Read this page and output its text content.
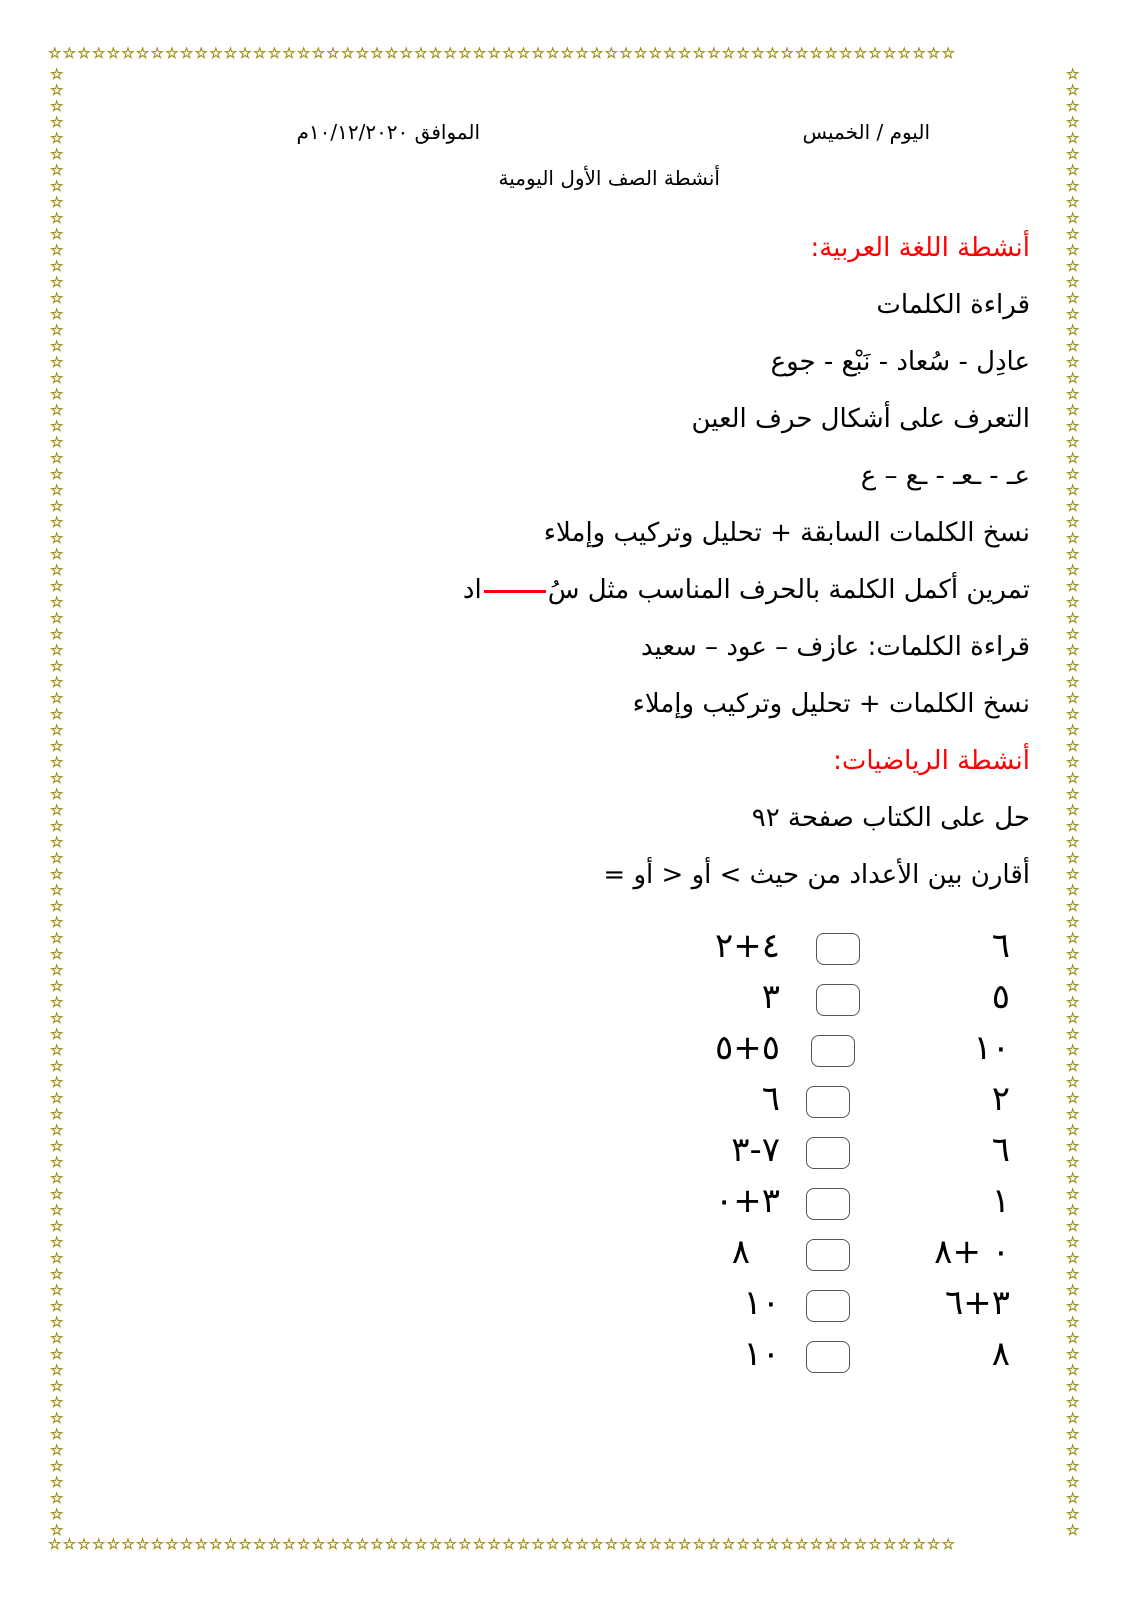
☆☆☆☆☆☆☆☆☆☆☆☆☆☆☆☆☆☆☆☆☆☆☆☆☆☆☆☆☆☆☆☆☆☆☆☆☆☆☆☆☆☆☆☆☆☆☆☆☆☆☆☆☆☆☆☆☆☆☆☆☆☆
☆☆☆☆☆☆☆☆☆☆☆☆☆☆☆☆☆☆☆☆☆☆☆☆☆☆☆☆☆☆☆☆☆☆☆☆☆☆☆☆☆☆☆☆☆☆☆☆☆☆☆☆☆☆☆☆☆☆☆☆☆☆
☆
☆
☆
☆
☆
☆
☆
☆
☆
☆
☆
☆
☆
☆
☆
☆
☆
☆
☆
☆
☆
☆
☆
☆
☆
☆
☆
☆
☆
☆
☆
☆
☆
☆
☆
☆
☆
☆
☆
☆
☆
☆
☆
☆
☆
☆
☆
☆
☆
☆
☆
☆
☆
☆
☆
☆
☆
☆
☆
☆
☆
☆
☆
☆
☆
☆
☆
☆
☆
☆
☆
☆
☆
☆
☆
☆
☆
☆
☆
☆
☆
☆
☆
☆
☆
☆
☆
☆
☆
☆
☆
☆
☆
☆
☆
☆
☆
☆
☆
☆
☆
☆
☆
☆
☆
☆
☆
☆
☆
☆
☆
☆
☆
☆
☆
☆
☆
☆
☆
☆
☆
☆
☆
☆
☆
☆
☆
☆
☆
☆
☆
☆
☆
☆
☆
☆
☆
☆
☆
☆
☆
☆
☆
☆
☆
☆
☆
☆
☆
☆
☆
☆
☆
☆
☆
☆
☆
☆
☆
☆
☆
☆
☆
☆
☆
☆
☆
☆
☆
☆
☆
☆
☆
☆
☆
☆
☆
☆
☆
☆
☆
☆
☆
☆
اليوم / الخميس
الموافق ١٠/١٢/٢٠٢٠م
أنشطة الصف الأول اليومية
أنشطة اللغة العربية:
قراءة الكلمات
عادِل - سُعاد - نَبْع - جوع
التعرف على أشكال حرف العين
عـ - ـعـ - ـع – ع
نسخ الكلمات السابقة + تحليل وتركيب وإملاء
تمرين أكمل الكلمة بالحرف المناسب مثل سُاد
قراءة الكلمات: عازف – عود – سعيد
نسخ الكلمات + تحليل وتركيب وإملاء
أنشطة الرياضيات:
حل على الكتاب صفحة ٩٢
أقارن بين الأعداد من حيث > أو < أو =
٦
٤+٢
٥
٣
١٠
٥+٥
٢
٦
٦
٧-٣
١
٣+٠
٠ +٨
٨
٣+٦
١٠
٨
١٠
